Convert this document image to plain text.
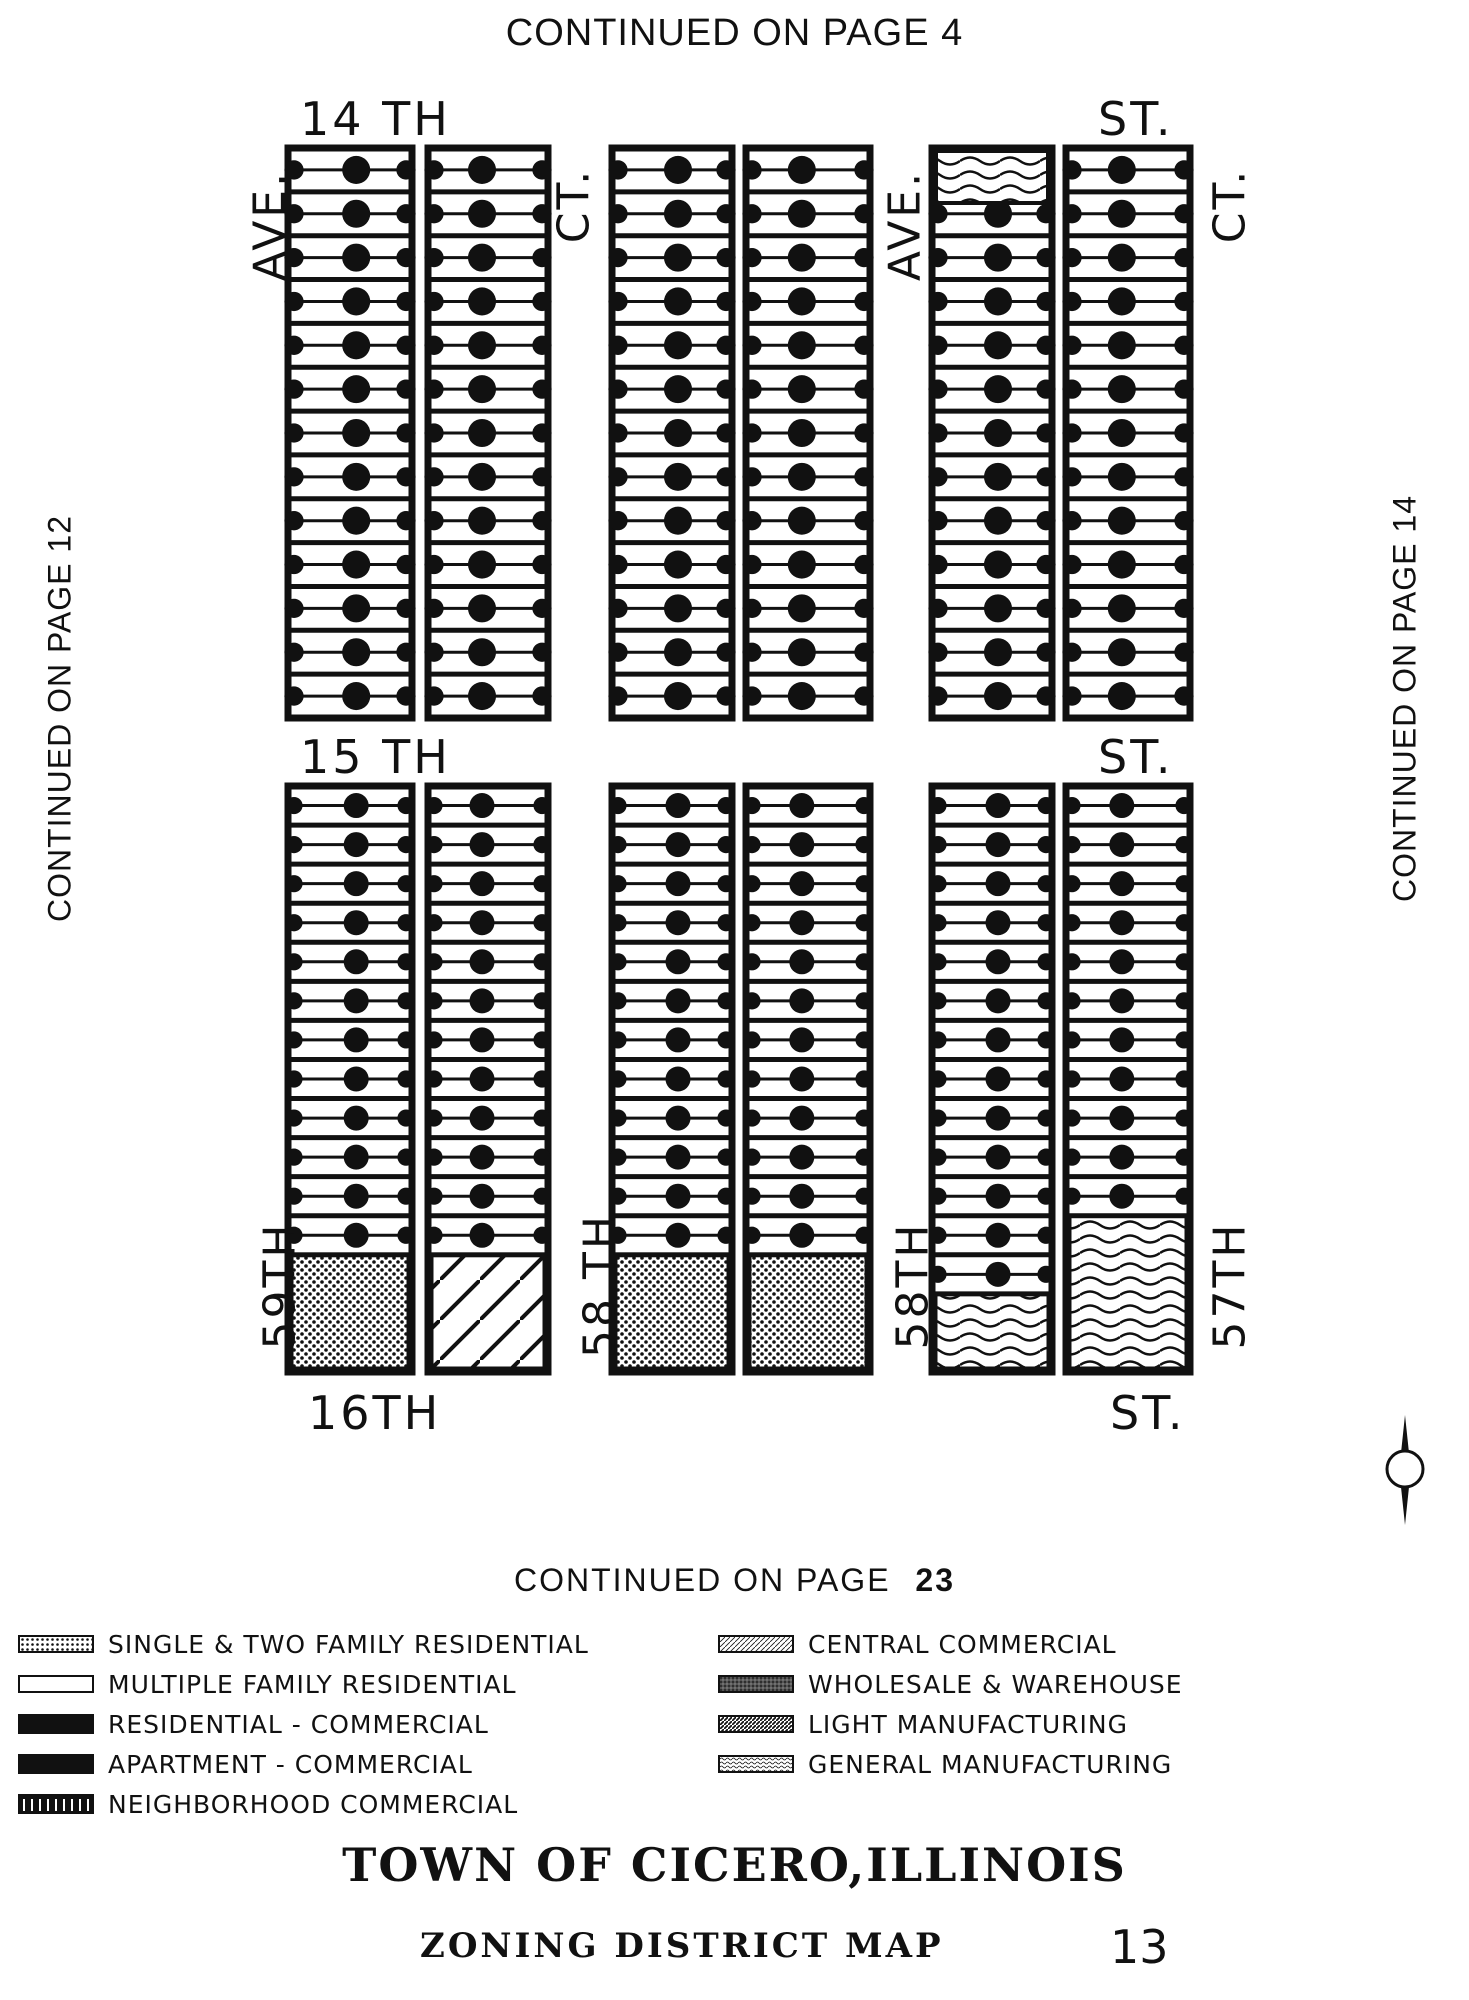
CONTINUED ON PAGE 4
CONTINUED ON PAGE 12	CONTINUED ON PAGE 14
CONTINUED ON PAGE 23
14 TH	ST.
15 TH	ST.
16TH	ST.
AVE.	CT.	AVE.	CT.
59TH	58 TH	58TH	57TH
SINGLE & TWO FAMILY RESIDENTIAL
MULTIPLE FAMILY RESIDENTIAL
RESIDENTIAL - COMMERCIAL
APARTMENT - COMMERCIAL
NEIGHBORHOOD COMMERCIAL
CENTRAL COMMERCIAL
WHOLESALE & WAREHOUSE
LIGHT MANUFACTURING
GENERAL MANUFACTURING
TOWN OF CICERO,ILLINOIS
ZONING DISTRICT MAP	13
